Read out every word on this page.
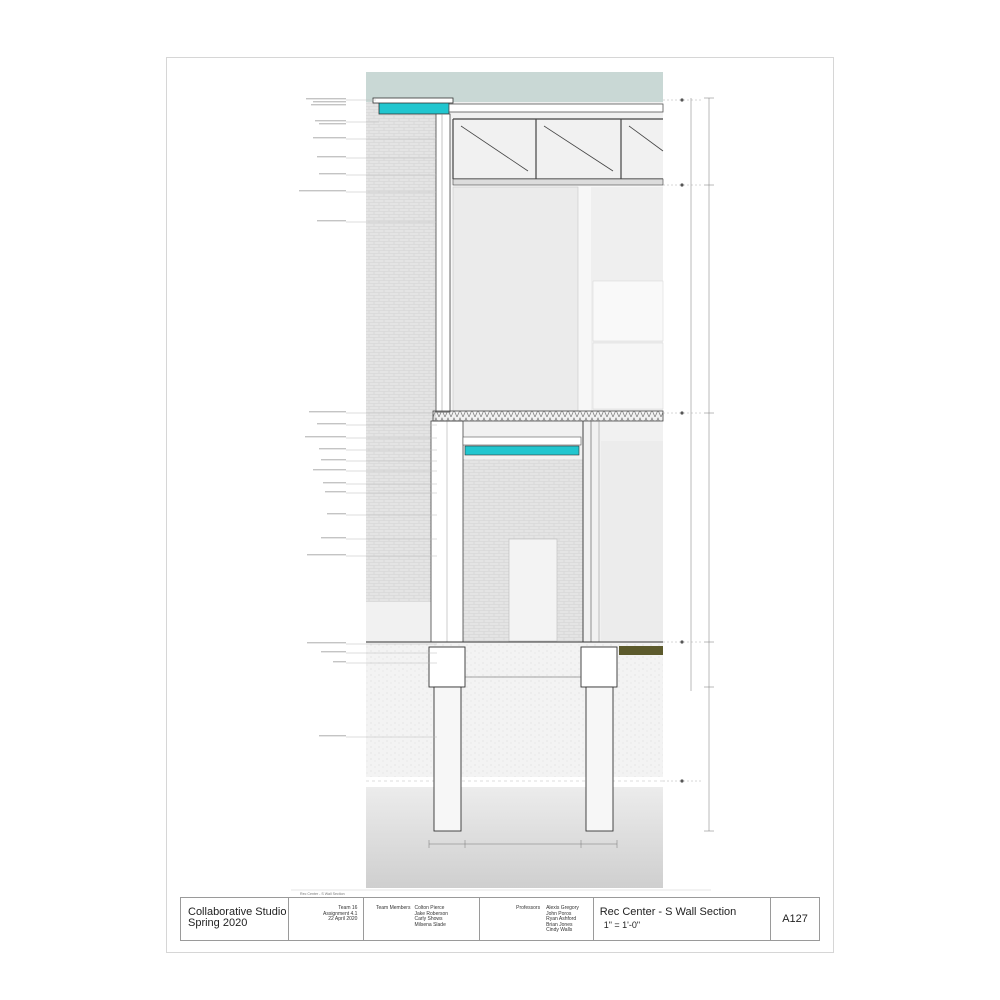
Rec Center - S Wall Section
Collaborative Studio
Spring 2020
Team 16
Assignment 4.1
22 April 2020
Team Members Colton Pierce
Jake Roberson
Carly Shows
Milsena Slade
Professors Alexis Gregory
John Poros
Ryan Ashford
Brian Jones
Cindy Walls
Rec Center - S Wall Section
1" = 1'-0"
A127
